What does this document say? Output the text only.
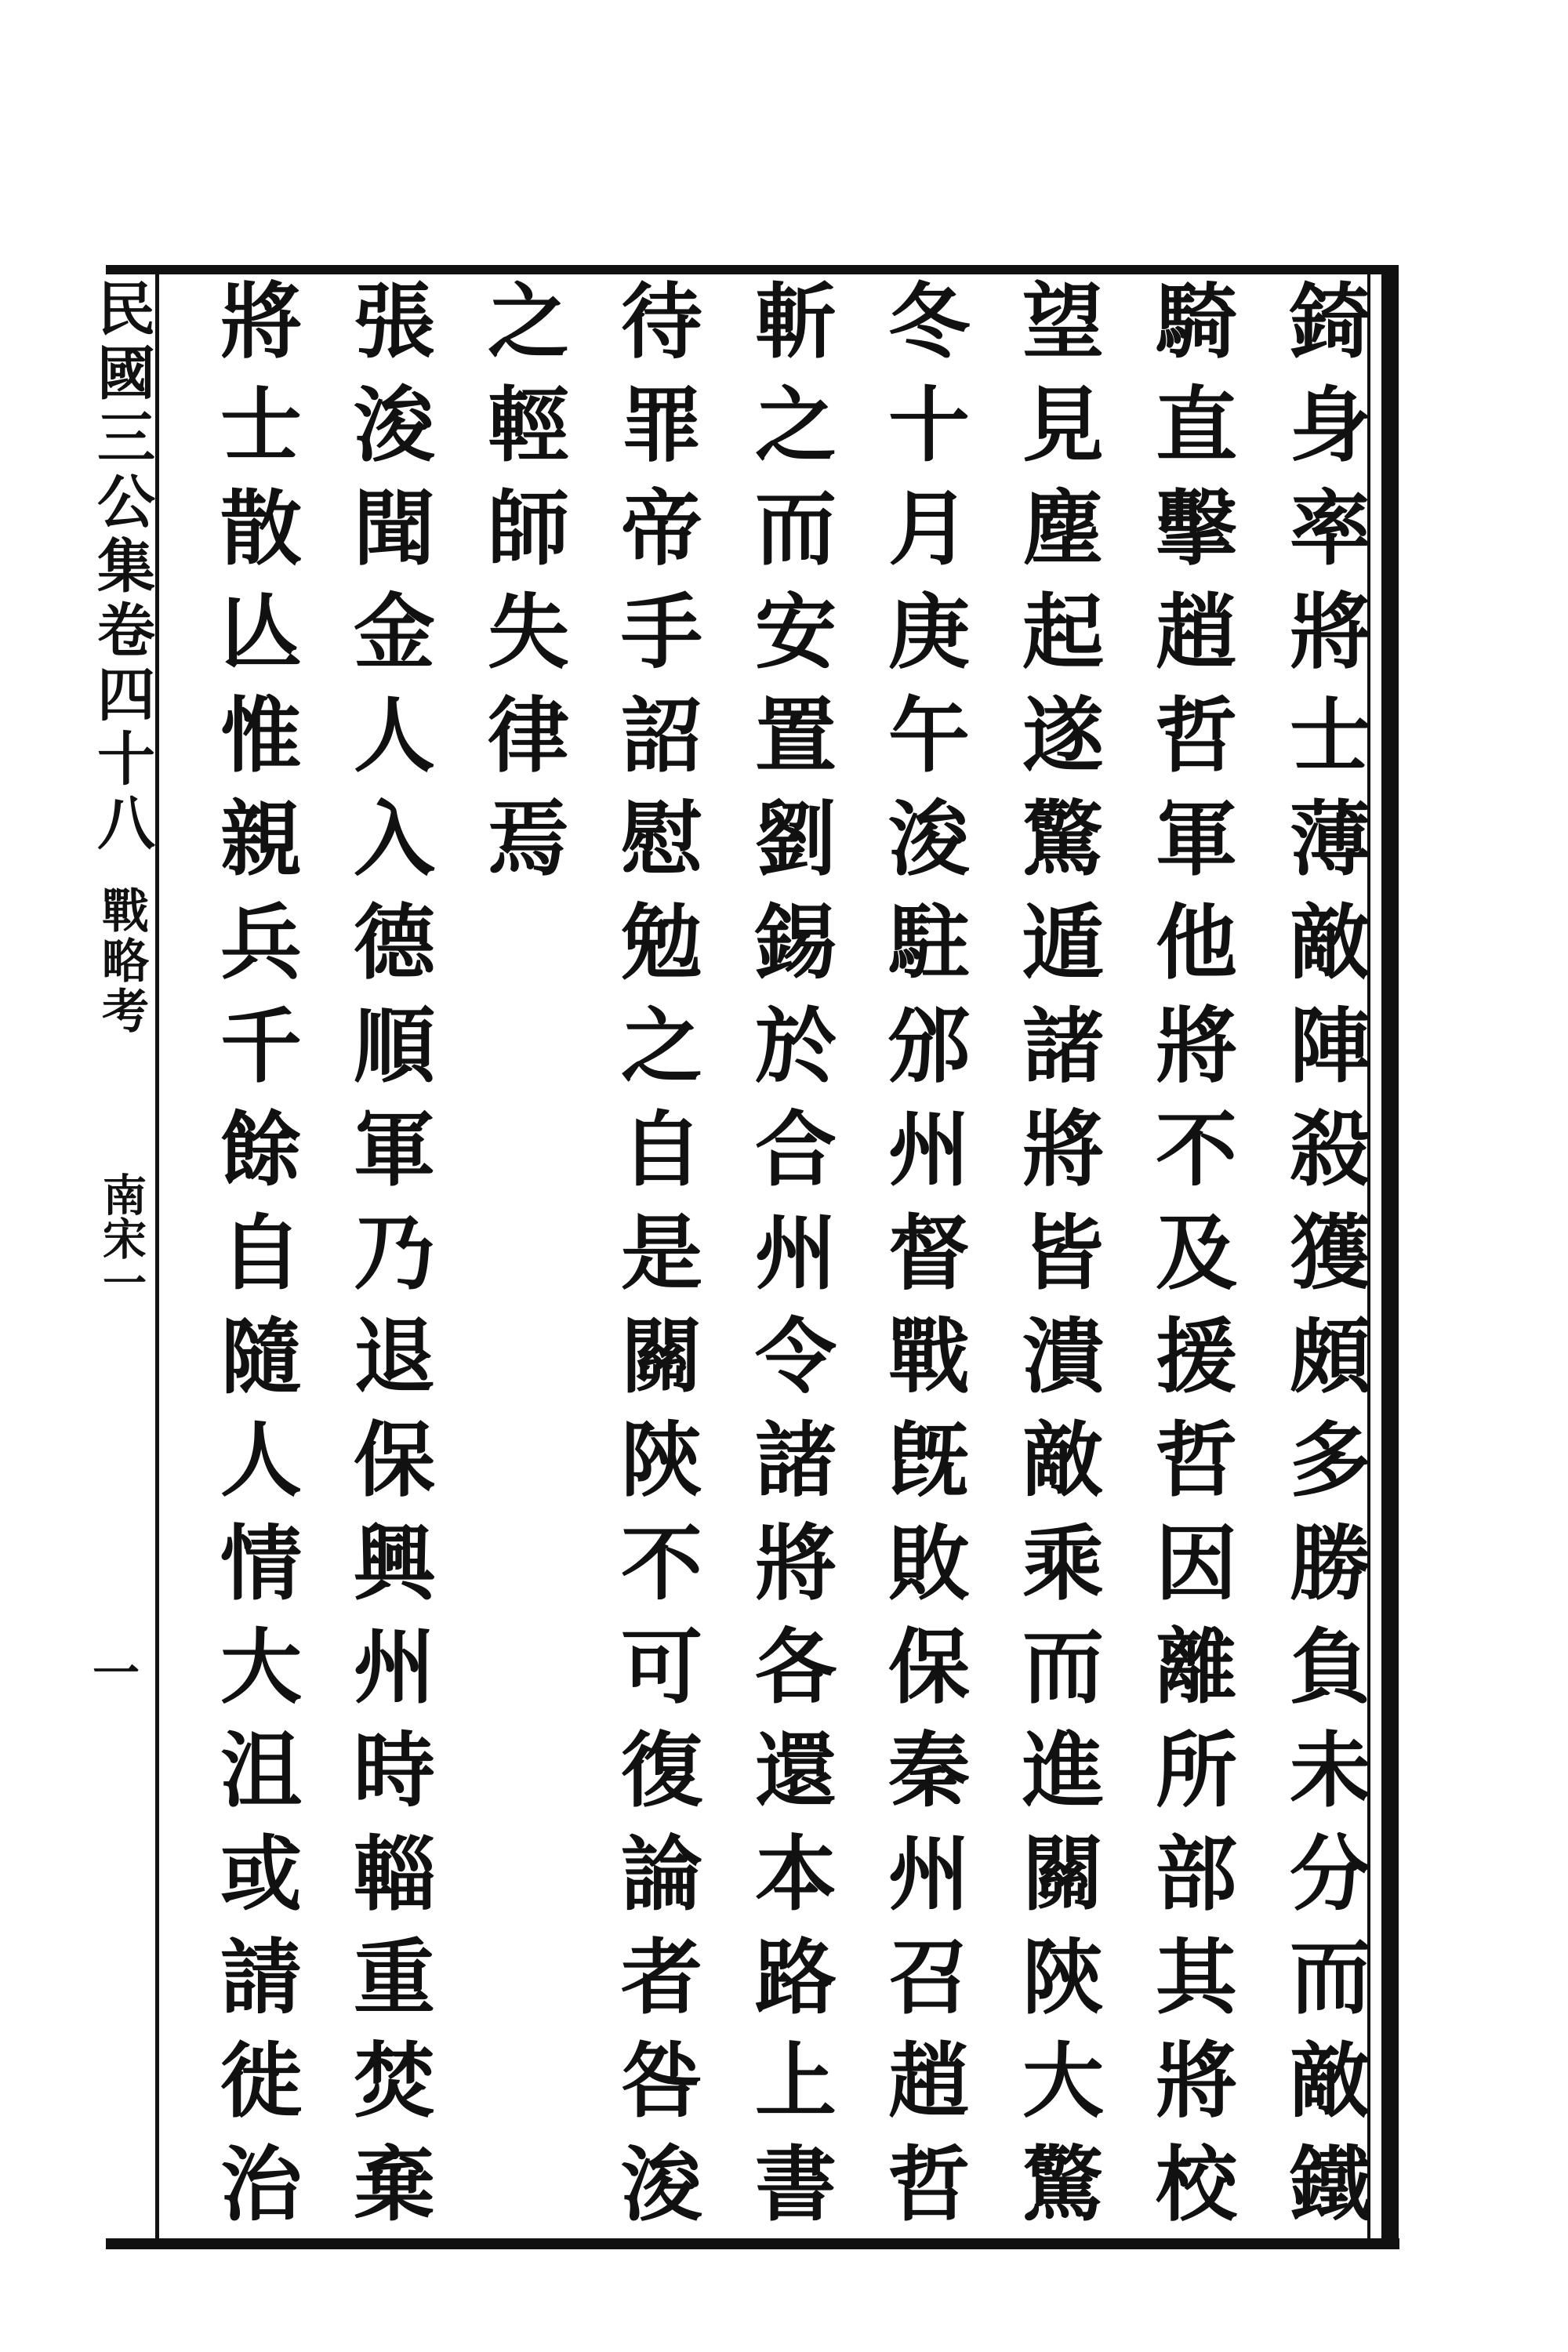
民國三公集卷四十八
戰略考
南宋一
一	錡身率將士薄敵陣殺獲頗多勝負未分而敵鐵
騎直擊趙哲軍他將不及援哲因離所部其將校
望見塵起遂驚遁諸將皆潰敵乘而進關陝大驚
冬十月庚午浚駐邠州督戰旣敗保秦州召趙哲
斬之而安置劉錫於合州令諸將各還本路上書
待罪帝手詔慰勉之自是關陝不可復論者咎浚
之輕師失律焉
張浚聞金人入德順軍乃退保興州時輜重焚棄
將士散亾惟親兵千餘自隨人情大沮或請徙治
